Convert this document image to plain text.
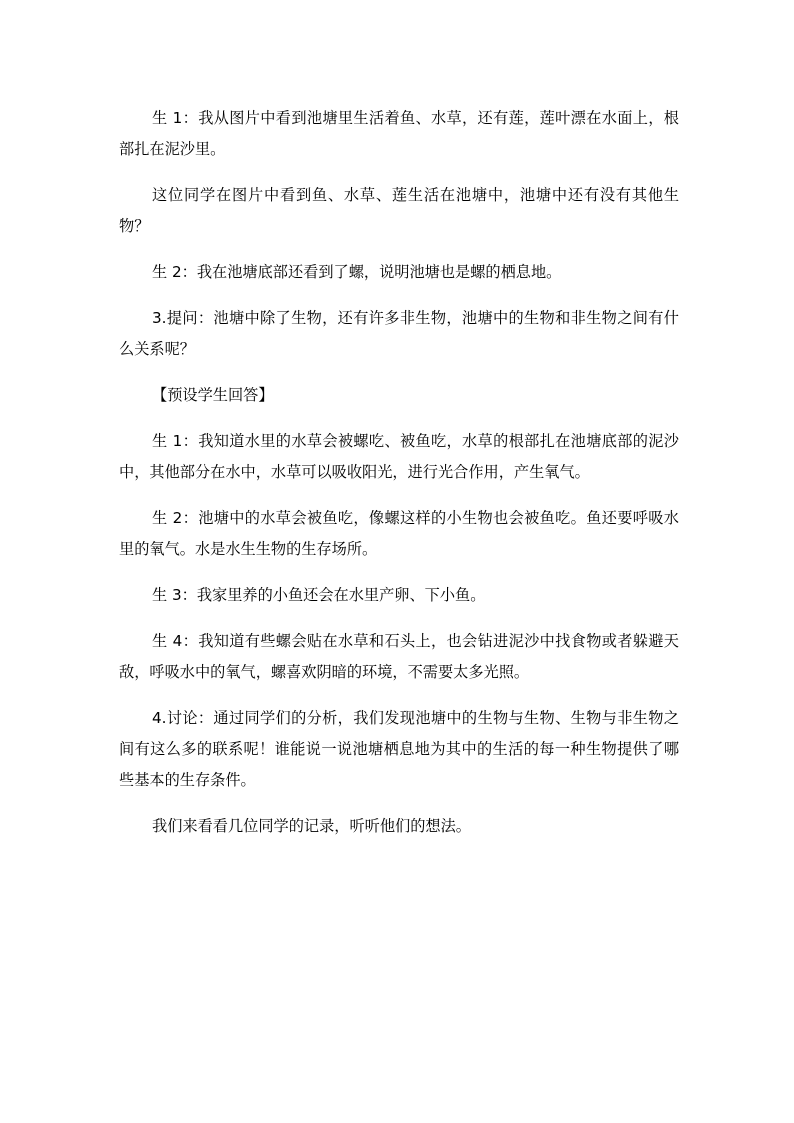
生 1：我从图片中看到池塘里生活着鱼、水草，还有莲，莲叶漂在水面上，根部扎在泥沙里。

这位同学在图片中看到鱼、水草、莲生活在池塘中，池塘中还有没有其他生物？

生 2：我在池塘底部还看到了螺，说明池塘也是螺的栖息地。

3.提问：池塘中除了生物，还有许多非生物，池塘中的生物和非生物之间有什么关系呢？

【预设学生回答】

生 1：我知道水里的水草会被螺吃、被鱼吃，水草的根部扎在池塘底部的泥沙中，其他部分在水中，水草可以吸收阳光，进行光合作用，产生氧气。

生 2：池塘中的水草会被鱼吃，像螺这样的小生物也会被鱼吃。鱼还要呼吸水里的氧气。水是水生生物的生存场所。

生 3：我家里养的小鱼还会在水里产卵、下小鱼。

生 4：我知道有些螺会贴在水草和石头上，也会钻进泥沙中找食物或者躲避天敌，呼吸水中的氧气，螺喜欢阴暗的环境，不需要太多光照。

4.讨论：通过同学们的分析，我们发现池塘中的生物与生物、生物与非生物之间有这么多的联系呢！谁能说一说池塘栖息地为其中的生活的每一种生物提供了哪些基本的生存条件。

我们来看看几位同学的记录，听听他们的想法。
